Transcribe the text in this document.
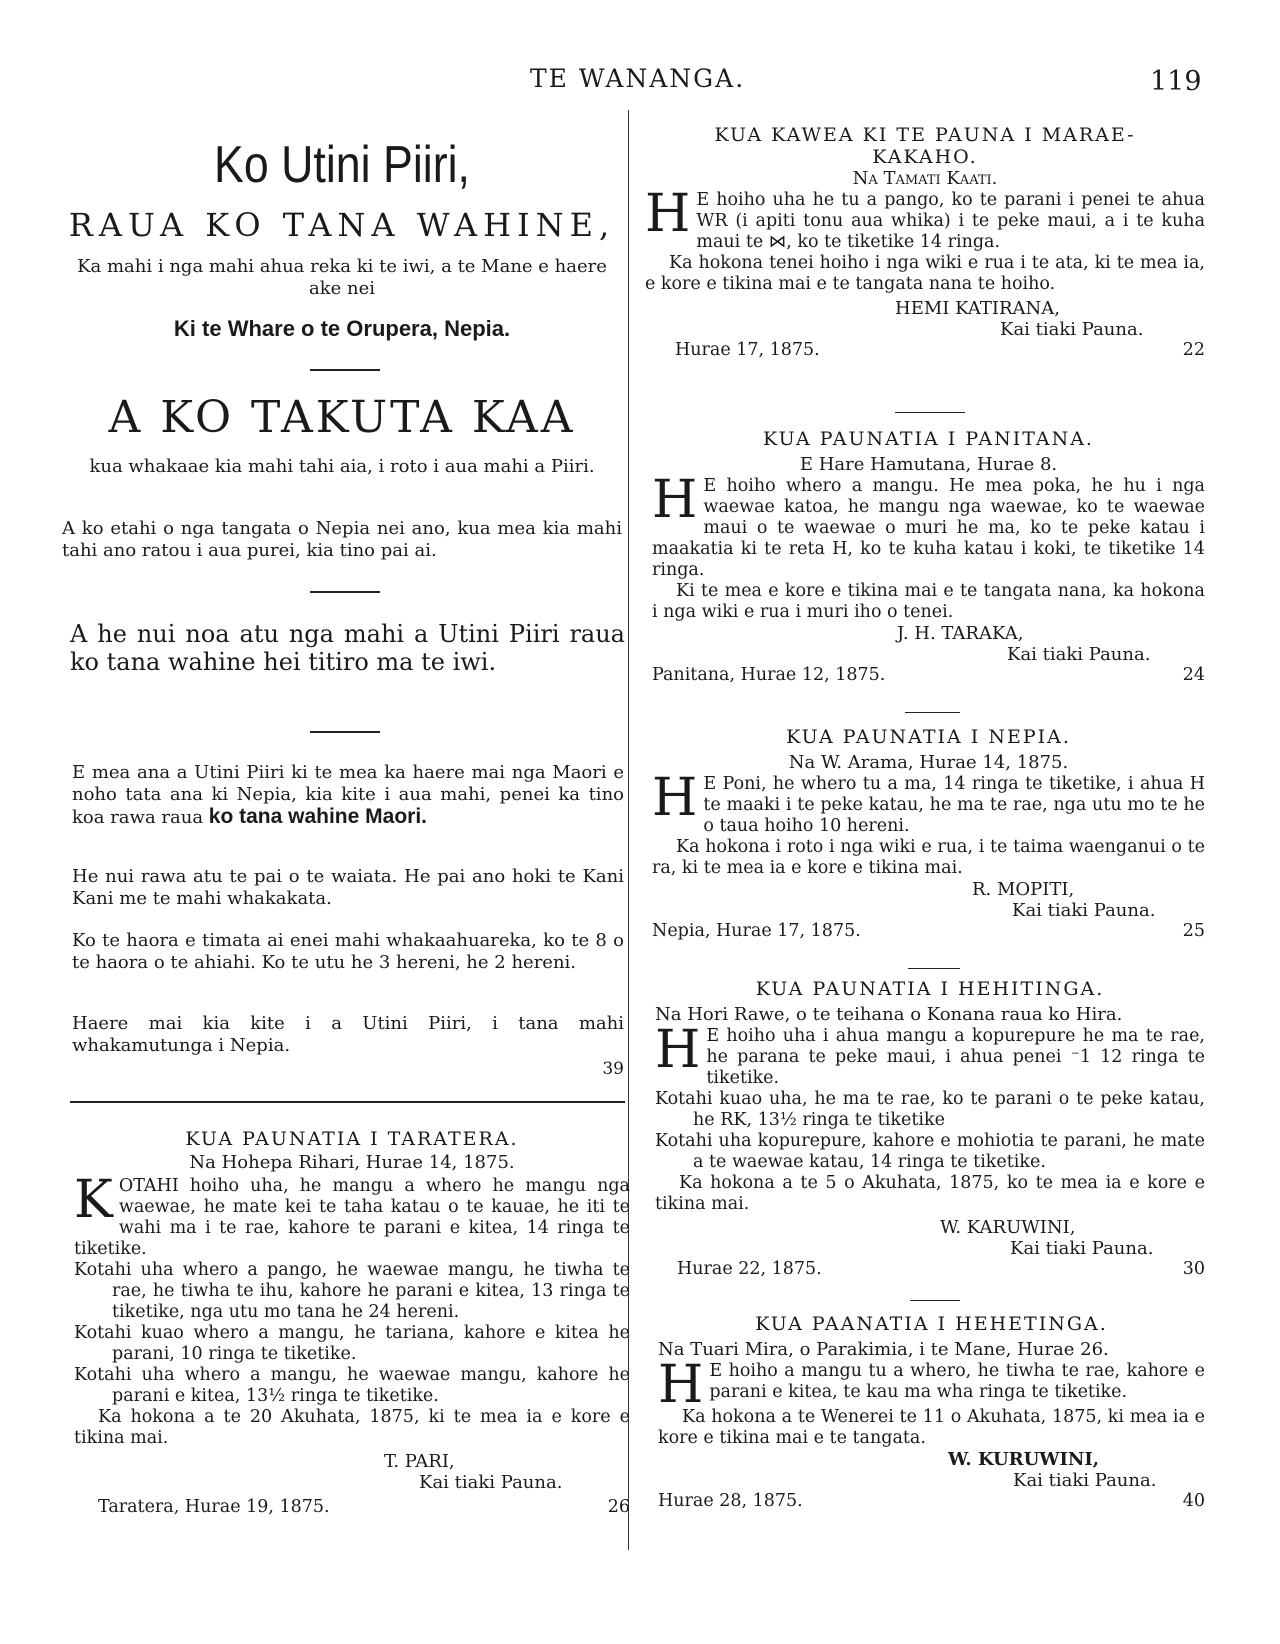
TE WANANGA.	119
Ko Utini Piiri,
RAUA KO TANA WAHINE,
Ka mahi i nga mahi ahua reka ki te iwi, a te Mane e haere ake nei
Ki te Whare o te Orupera, Nepia.
A KO TAKUTA KAA
kua whakaae kia mahi tahi aia, i roto i aua mahi a Piiri.
A ko etahi o nga tangata o Nepia nei ano, kua mea kia mahi tahi ano ratou i aua purei, kia tino pai ai.
A he nui noa atu nga mahi a Utini Piiri raua ko tana wahine hei titiro ma te iwi.
E mea ana a Utini Piiri ki te mea ka haere mai nga Maori e noho tata ana ki Nepia, kia kite i aua mahi, penei ka tino koa rawa raua ko tana wahine Maori.
He nui rawa atu te pai o te waiata. He pai ano hoki te Kani Kani me te mahi whakakata.
Ko te haora e timata ai enei mahi whakaahuareka, ko te 8 o te haora o te ahiahi. Ko te utu he 3 hereni, he 2 hereni.
Haere mai kia kite i a Utini Piiri, i tana mahi whakamutunga i Nepia.
39
KUA PAUNATIA I TARATERA.
Na Hohepa Rihari, Hurae 14, 1875.
KOTAHI hoiho uha, he mangu a whero he mangu nga waewae, he mate kei te taha katau o te kauae, he iti te wahi ma i te rae, kahore te parani e kitea, 14 ringa te tiketike.

Kotahi uha whero a pango, he waewae mangu, he tiwha te rae, he tiwha te ihu, kahore he parani e kitea, 13 ringa te tiketike, nga utu mo tana he 24 hereni.

Kotahi kuao whero a mangu, he tariana, kahore e kitea he parani, 10 ringa te tiketike.

Kotahi uha whero a mangu, he waewae mangu, kahore he parani e kitea, 13½ ringa te tiketike.

Ka hokona a te 20 Akuhata, 1875, ki te mea ia e kore e tikina mai.

T. PARI,
Kai tiaki Pauna.
Taratera, Hurae 19, 1875.	26
KUA KAWEA KI TE PAUNA I MARAE-KAKAHO.
Na Tamati Kaati.
H E hoiho uha he tu a pango, ko te parani i penei te ahua WR (i apiti tonu aua whika) i te peke maui, a i te kuha maui te ⋈, ko te tiketike 14 ringa.

Ka hokona tenei hoiho i nga wiki e rua i te ata, ki te mea ia, e kore e tikina mai e te tangata nana te hoiho.

HEMI KATIRANA,
Kai tiaki Pauna.
Hurae 17, 1875.	22
KUA PAUNATIA I PANITANA.
E Hare Hamutana, Hurae 8.
H E hoiho whero a mangu. He mea poka, he hu i nga waewae katoa, he mangu nga waewae, ko te waewae maui o te waewae o muri he ma, ko te peke katau i maakatia ki te reta H, ko te kuha katau i koki, te tiketike 14 ringa.

Ki te mea e kore e tikina mai e te tangata nana, ka hokona i nga wiki e rua i muri iho o tenei.

J. H. TARAKA,
Kai tiaki Pauna.
Panitana, Hurae 12, 1875.	24
KUA PAUNATIA I NEPIA.
Na W. Arama, Hurae 14, 1875.
H E Poni, he whero tu a ma, 14 ringa te tiketike, i ahua H te maaki i te peke katau, he ma te rae, nga utu mo te he o taua hoiho 10 hereni.

Ka hokona i roto i nga wiki e rua, i te taima waenganui o te ra, ki te mea ia e kore e tikina mai.

R. MOPITI,
Kai tiaki Pauna.
Nepia, Hurae 17, 1875.	25
KUA PAUNATIA I HEHITINGA.
Na Hori Rawe, o te teihana o Konana raua ko Hira.
H E hoiho uha i ahua mangu a kopurepure he ma te rae, he parana te peke maui, i ahua penei ⁻1 12 ringa te tiketike.

Kotahi kuao uha, he ma te rae, ko te parani o te peke katau, he RK, 13½ ringa te tiketike

Kotahi uha kopurepure, kahore e mohiotia te parani, he mate a te waewae katau, 14 ringa te tiketike.

Ka hokona a te 5 o Akuhata, 1875, ko te mea ia e kore e tikina mai.

W. KARUWINI,
Kai tiaki Pauna.
Hurae 22, 1875.	30
KUA PAANATIA I HEHETINGA.
Na Tuari Mira, o Parakimia, i te Mane, Hurae 26.
H E hoiho a mangu tu a whero, he tiwha te rae, kahore e parani e kitea, te kau ma wha ringa te tiketike.

Ka hokona a te Wenerei te 11 o Akuhata, 1875, ki mea ia e kore e tikina mai e te tangata.

W. KURUWINI,
Kai tiaki Pauna.
Hurae 28, 1875.	40
